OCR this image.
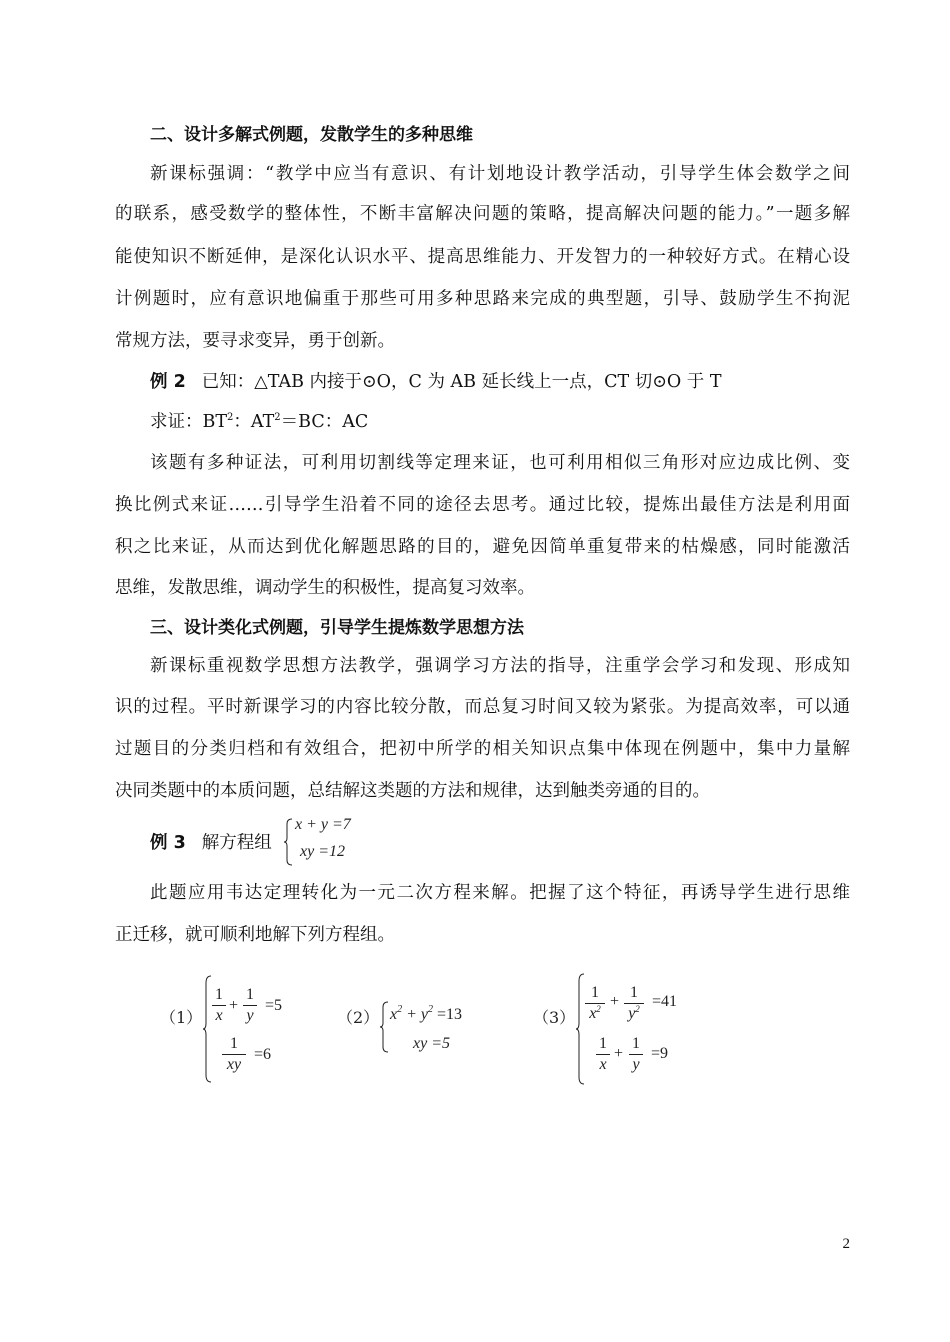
二、设计多解式例题，发散学生的多种思维
新课标强调：“教学中应当有意识、有计划地设计教学活动，引导学生体会数学之间
的联系，感受数学的整体性，不断丰富解决问题的策略，提高解决问题的能力。”一题多解
能使知识不断延伸，是深化认识水平、提高思维能力、开发智力的一种较好方式。在精心设
计例题时，应有意识地偏重于那些可用多种思路来完成的典型题，引导、鼓励学生不拘泥
常规方法，要寻求变异，勇于创新。
例 2 已知：△TAB 内接于⊙O，C 为 AB 延长线上一点，CT 切⊙O 于 T
求证：$BT^2$：$AT^2=BC$：AC
该题有多种证法，可利用切割线等定理来证，也可利用相似三角形对应边成比例、变
换比例式来证……引导学生沿着不同的途径去思考。通过比较，提炼出最佳方法是利用面
积之比来证，从而达到优化解题思路的目的，避免因简单重复带来的枯燥感，同时能激活
思维，发散思维，调动学生的积极性，提高复习效率。
三、设计类化式例题，引导学生提炼数学思想方法
新课标重视数学思想方法教学，强调学习方法的指导，注重学会学习和发现、形成知
识的过程。平时新课学习的内容比较分散，而总复习时间又较为紧张。为提高效率，可以通
过题目的分类归档和有效组合，把初中所学的相关知识点集中体现在例题中，集中力量解
决同类题中的本质问题，总结解这类题的方法和规律，达到触类旁通的目的。
例 3 解方程组
x + y =7
xy =12
此题应用韦达定理转化为一元二次方程来解。把握了这个特征，再诱导学生进行思维
正迁移，就可顺利地解下列方程组。
$(1) \frac{1}{x} + \frac{1}{y} =5$
$\frac{1}{xy} =6$
（2） $x^2 + y^2 =13$
xy =5
$(3) \frac{1}{x^2} + \frac{1}{y^2} =41$
$\frac{1}{x} + \frac{1}{y} =9$
2
